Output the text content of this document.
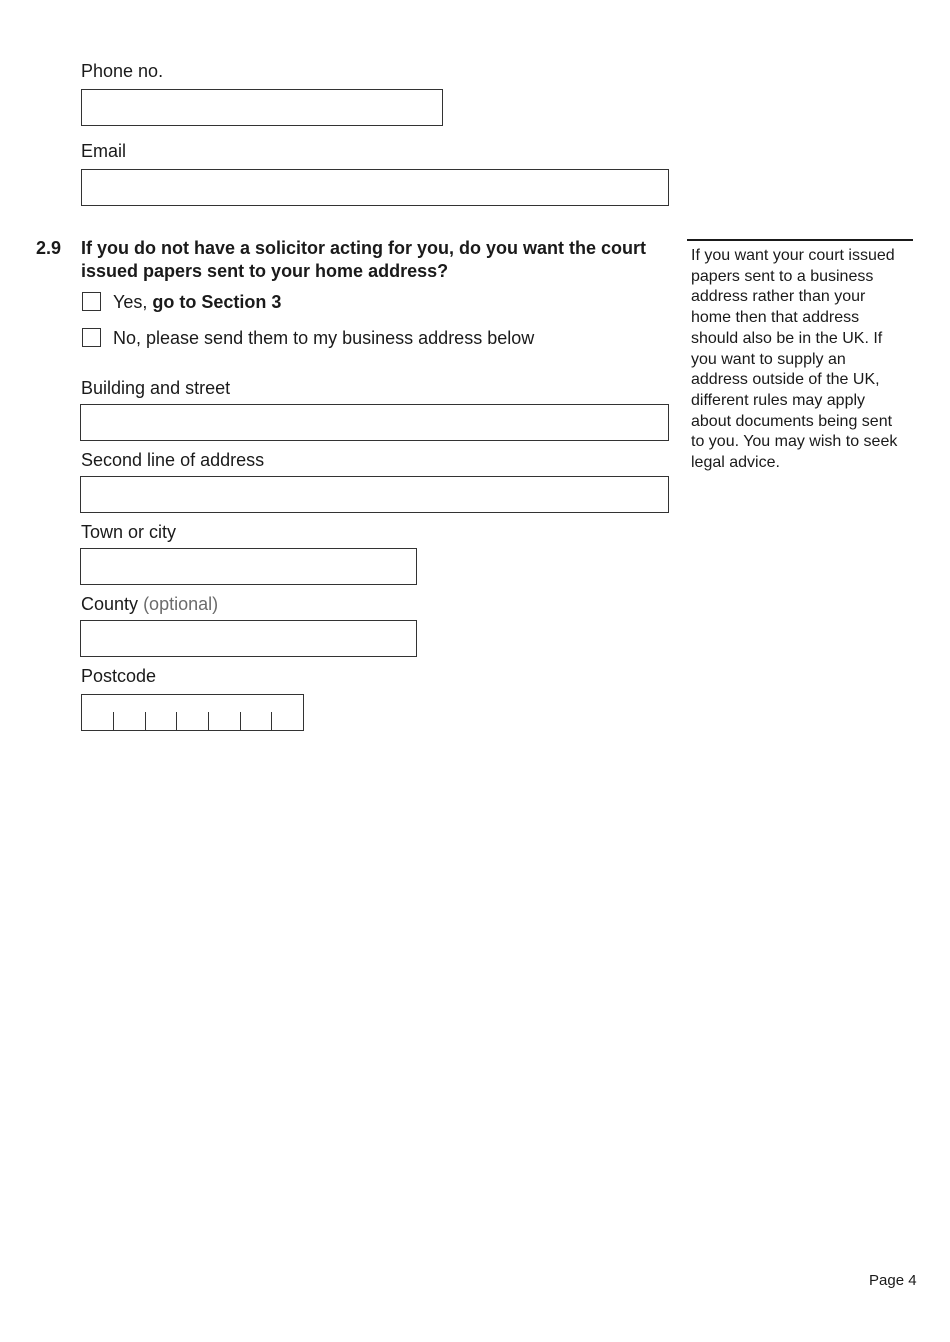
Phone no.
Email
2.9 If you do not have a solicitor acting for you, do you want the court issued papers sent to your home address?
Yes, go to Section 3
No, please send them to my business address below
If you want your court issued papers sent to a business address rather than your home then that address should also be in the UK. If you want to supply an address outside of the UK, different rules may apply about documents being sent to you. You may wish to seek legal advice.
Building and street
Second line of address
Town or city
County (optional)
Postcode
Page 4
